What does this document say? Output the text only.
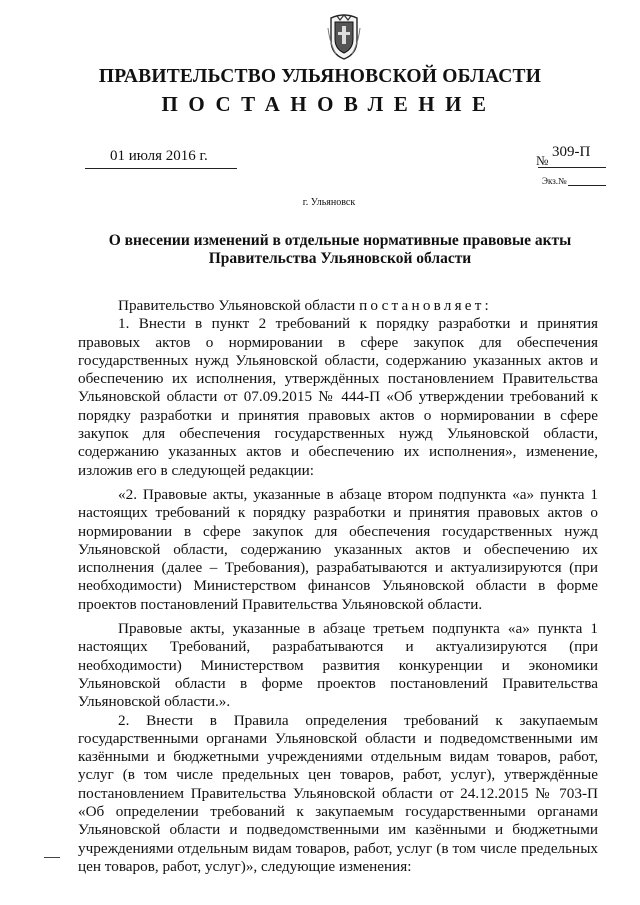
ПРАВИТЕЛЬСТВО УЛЬЯНОВСКОЙ ОБЛАСТИ
ПОСТАНОВЛЕНИЕ
01 июля 2016 г.	№
309-П
Экз.№
г. Ульяновск
О внесении изменений в отдельные нормативные правовые акты
Правительства Ульяновской области

Правительство Ульяновской области постановляет:

1. Внести в пункт 2 требований к порядку разработки и принятия правовых актов о нормировании в сфере закупок для обеспечения государственных нужд Ульяновской области, содержанию указанных актов и обеспечению их исполнения, утверждённых постановлением Правительства Ульяновской области от 07.09.2015 № 444-П «Об утверждении требований к порядку разработки и принятия правовых актов о нормировании в сфере закупок для обеспечения государственных нужд Ульяновской области, содержанию указанных актов и обеспечению их исполнения», изменение, изложив его в следующей редакции:

«2. Правовые акты, указанные в абзаце втором подпункта «а» пункта 1 настоящих требований к порядку разработки и принятия правовых актов о нормировании в сфере закупок для обеспечения государственных нужд Ульяновской области, содержанию указанных актов и обеспечению их исполнения (далее – Требования), разрабатываются и актуализируются (при необходимости) Министерством финансов Ульяновской области в форме проектов постановлений Правительства Ульяновской области.

Правовые акты, указанные в абзаце третьем подпункта «а» пункта 1 настоящих Требований, разрабатываются и актуализируются (при необходимости) Министерством развития конкуренции и экономики Ульяновской области в форме проектов постановлений Правительства Ульяновской области.».

2. Внести в Правила определения требований к закупаемым государственными органами Ульяновской области и подведомственными им казёнными и бюджетными учреждениями отдельным видам товаров, работ, услуг (в том числе предельных цен товаров, работ, услуг), утверждённые постановлением Правительства Ульяновской области от 24.12.2015 № 703-П «Об определении требований к закупаемым государственными органами Ульяновской области и подведомственными им казёнными и бюджетными учреждениями отдельным видам товаров, работ, услуг (в том числе предельных цен товаров, работ, услуг)», следующие изменения:
